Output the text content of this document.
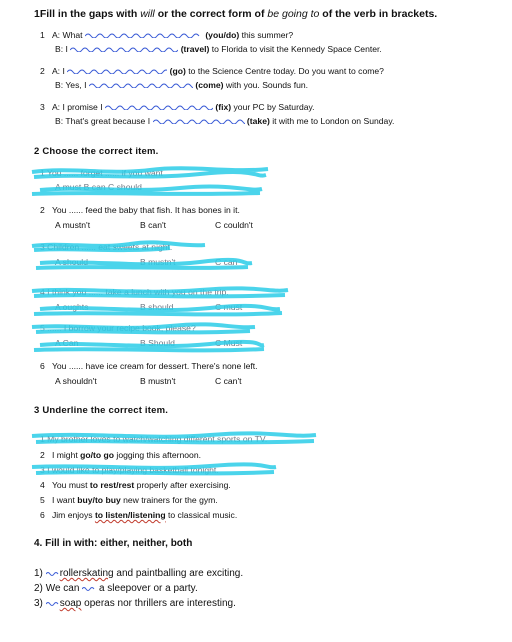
1Fill in the gaps with will or the correct form of be going to of the verb in brackets.
1 A: What	(you/do) this summer?
B: I	(travel) to Florida to visit the Kennedy Space Center.
2 A: I	(go) to the Science Centre today. Do you want to come?
B: Yes, I	(come) with you. Sounds fun.
3 A: I promise I	(fix) your PC by Saturday.
B: That's great because I	(take) it with me to London on Sunday.
2 Choose the correct item.
1 You ...... forget ...... if you want
A must B can C should
2 You ...... feed the baby that fish. It has bones in it.
A mustn't	B can't	C couldn't
3 Children ...... eat sweets at night.
A should	B mustn't	C can
4 I think you ...... take a lunch with you on the trip.
A oughts	B should	C must
5 ...... I borrow your recipe book, please?
A Can	B Should	C Must
6 You ...... have ice cream for dessert. There's none left.
A shouldn't	B mustn't	C can't
3 Underline the correct item.
1 My brother loves to watch/watching different sports on TV.
2 I might go/to go jogging this afternoon.
3 I would like to play/playing basketball tonight.
4 You must to rest/rest properly after exercising.
5 I want buy/to buy new trainers for the gym.
6 Jim enjoys to listen/listening to classical music.
4. Fill in with: either, neither, both
1) rollerskating and paintballing are exciting.
2) We can  a sleepover or a party.
3) soap operas nor thrillers are interesting.
